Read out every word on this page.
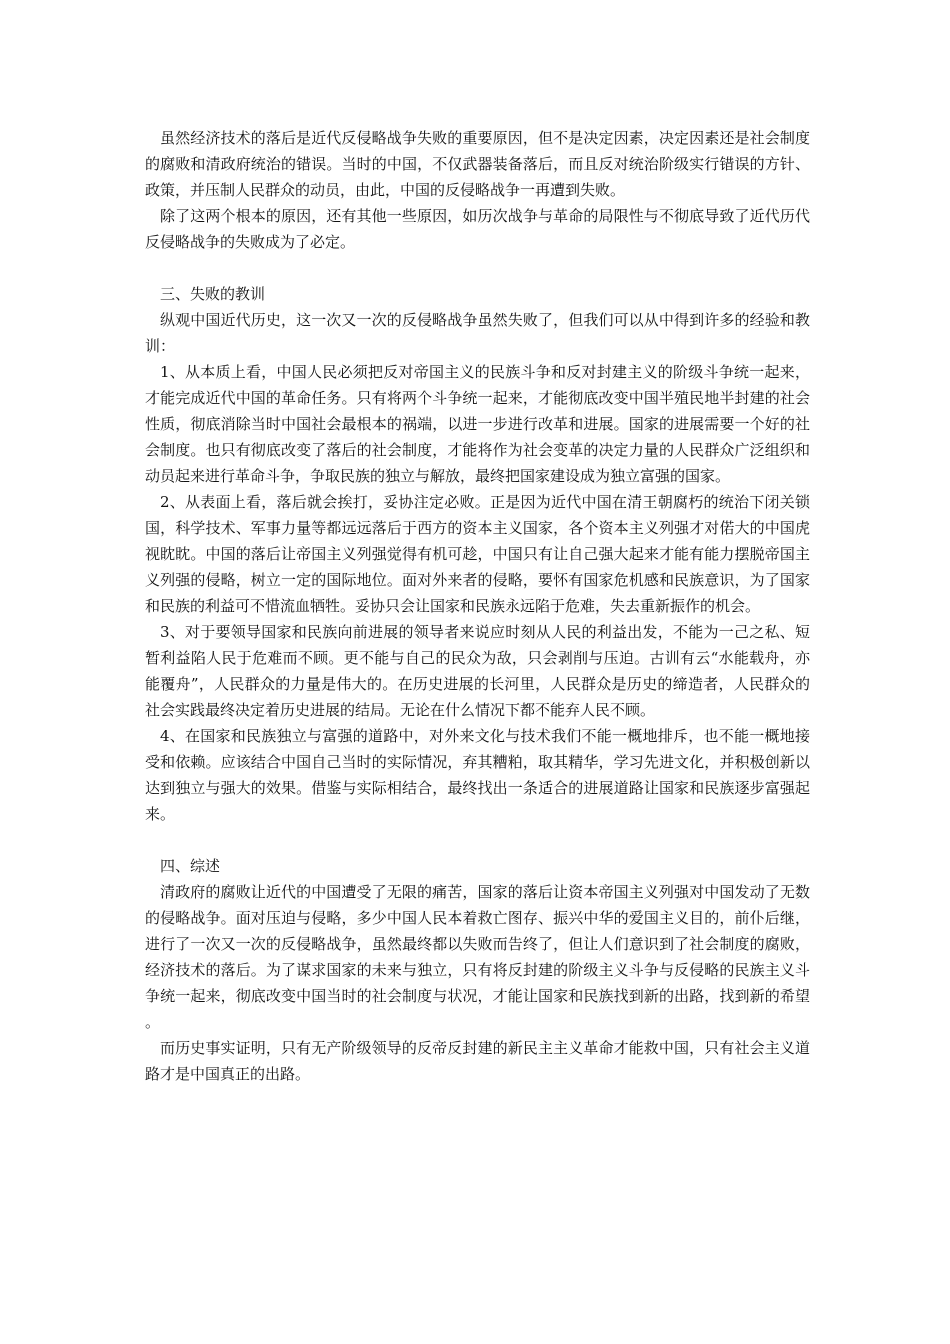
虽然经济技术的落后是近代反侵略战争失败的重要原因，但不是决定因素，决定因素还是社会制度的腐败和清政府统治的错误。当时的中国，不仅武器装备落后，而且反对统治阶级实行错误的方针、政策，并压制人民群众的动员，由此，中国的反侵略战争一再遭到失败。

除了这两个根本的原因，还有其他一些原因，如历次战争与革命的局限性与不彻底导致了近代历代反侵略战争的失败成为了必定。

三、失败的教训

纵观中国近代历史，这一次又一次的反侵略战争虽然失败了，但我们可以从中得到许多的经验和教训：

1、从本质上看，中国人民必须把反对帝国主义的民族斗争和反对封建主义的阶级斗争统一起来，才能完成近代中国的革命任务。只有将两个斗争统一起来，才能彻底改变中国半殖民地半封建的社会性质，彻底消除当时中国社会最根本的祸端，以进一步进行改革和进展。国家的进展需要一个好的社会制度。也只有彻底改变了落后的社会制度，才能将作为社会变革的决定力量的人民群众广泛组织和动员起来进行革命斗争，争取民族的独立与解放，最终把国家建设成为独立富强的国家。

2、从表面上看，落后就会挨打，妥协注定必败。正是因为近代中国在清王朝腐朽的统治下闭关锁国，科学技术、军事力量等都远远落后于西方的资本主义国家，各个资本主义列强才对偌大的中国虎视眈眈。中国的落后让帝国主义列强觉得有机可趁，中国只有让自己强大起来才能有能力摆脱帝国主义列强的侵略，树立一定的国际地位。面对外来者的侵略，要怀有国家危机感和民族意识，为了国家和民族的利益可不惜流血牺牲。妥协只会让国家和民族永远陷于危难，失去重新振作的机会。

3、对于要领导国家和民族向前进展的领导者来说应时刻从人民的利益出发，不能为一己之私、短暂利益陷人民于危难而不顾。更不能与自己的民众为敌，只会剥削与压迫。古训有云“水能载舟，亦能覆舟”，人民群众的力量是伟大的。在历史进展的长河里，人民群众是历史的缔造者，人民群众的社会实践最终决定着历史进展的结局。无论在什么情况下都不能弃人民不顾。

4、在国家和民族独立与富强的道路中，对外来文化与技术我们不能一概地排斥，也不能一概地接受和依赖。应该结合中国自己当时的实际情况，弃其糟粕，取其精华，学习先进文化，并积极创新以达到独立与强大的效果。借鉴与实际相结合，最终找出一条适合的进展道路让国家和民族逐步富强起来。

四、综述

清政府的腐败让近代的中国遭受了无限的痛苦，国家的落后让资本帝国主义列强对中国发动了无数的侵略战争。面对压迫与侵略，多少中国人民本着救亡图存、振兴中华的爱国主义目的，前仆后继，进行了一次又一次的反侵略战争，虽然最终都以失败而告终了，但让人们意识到了社会制度的腐败，经济技术的落后。为了谋求国家的未来与独立，只有将反封建的阶级主义斗争与反侵略的民族主义斗争统一起来，彻底改变中国当时的社会制度与状况，才能让国家和民族找到新的出路，找到新的希望。

而历史事实证明，只有无产阶级领导的反帝反封建的新民主主义革命才能救中国，只有社会主义道路才是中国真正的出路。
